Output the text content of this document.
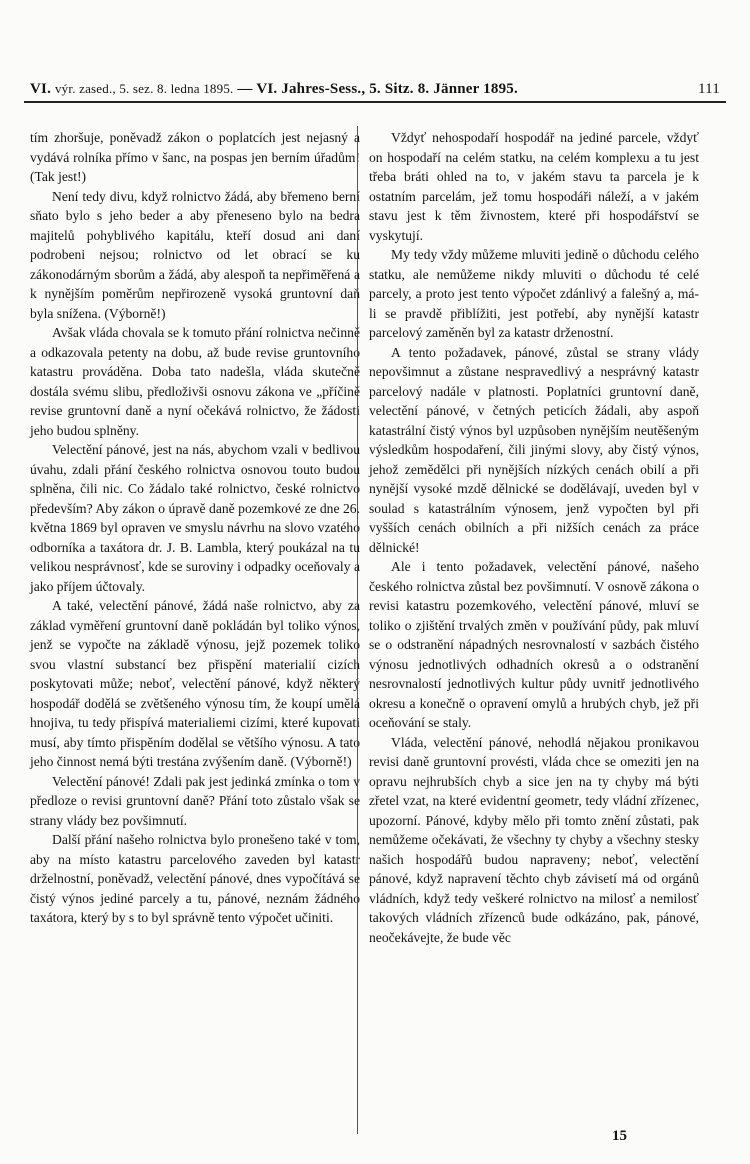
VI. výr. zased., 5. sez. 8. ledna 1895. — VI. Jahres-Sess., 5. Sitz. 8. Jänner 1895.	111

tím zhoršuje, poněvadž zákon o poplatcích jest nejasný a vydává rolníka přímo v šanc, na pospas jen berním úřadům! (Tak jest!)

Není tedy divu, když rolnictvo žádá, aby břemeno berní sňato bylo s jeho beder a aby přeneseno bylo na bedra majitelů pohyblivého kapitálu, kteří dosud ani daní podrobeni nejsou; rolnictvo od let obrací se ku zákonodárným sborům a žádá, aby alespoň ta nepřiměřená a k nynějším poměrům nepřirozeně vysoká gruntovní daň byla snížena. (Výborně!)

Avšak vláda chovala se k tomuto přání rolnictva nečinně a odkazovala petenty na dobu, až bude revise gruntovního katastru prováděna. Doba tato nadešla, vláda skutečně dostála svému slibu, předloživši osnovu zákona ve „příčině revise gruntovní daně a nyní očekává rolnictvo, že žádosti jeho budou splněny.

Velectění pánové, jest na nás, abychom vzali v bedlivou úvahu, zdali přání českého rolnictva osnovou touto budou splněna, čili nic. Co žádalo také rolnictvo, české rolnictvo především? Aby zákon o úpravě daně pozemkové ze dne 26. května 1869 byl opraven ve smyslu návrhu na slovo vzatého odborníka a taxátora dr. J. B. Lambla, který poukázal na tu velikou nesprávnosť, kde se suroviny i odpadky oceňovaly a jako příjem účtovaly.

A také, velectění pánové, žádá naše rolnictvo, aby za základ vyměření gruntovní daně pokládán byl toliko výnos, jenž se vypočte na základě výnosu, jejž pozemek toliko svou vlastní substancí bez přispění materialií cizích poskytovati může; neboť, velectění pánové, když některý hospodář dodělá se zvětšeného výnosu tím, že koupí umělá hnojiva, tu tedy přispívá materialiemi cizími, které kupovati musí, aby tímto přispěním dodělal se většího výnosu. A tato jeho činnost nemá býti trestána zvýšením daně. (Výborně!)

Velectění pánové! Zdali pak jest jedinká zmínka o tom v předloze o revisi gruntovní daně? Přání toto zůstalo však se strany vlády bez povšimnutí.

Další přání našeho rolnictva bylo pronešeno také v tom, aby na místo katastru parcelového zaveden byl katastr drželnostní, poněvadž, velectění pánové, dnes vypočítává se čistý výnos jediné parcely a tu, pánové, neznám žádného taxátora, který by s to byl správně tento výpočet učiniti.

Vždyť nehospodaří hospodář na jediné parcele, vždyť on hospodaří na celém statku, na celém komplexu a tu jest třeba bráti ohled na to, v jakém stavu ta parcela je k ostatním parcelám, jež tomu hospodáři náleží, a v jakém stavu jest k těm živnostem, které při hospodářství se vyskytují.

My tedy vždy můžeme mluviti jedině o důchodu celého statku, ale nemůžeme nikdy mluviti o důchodu té celé parcely, a proto jest tento výpočet zdánlivý a falešný a, má-li se pravdě přiblížiti, jest potřebí, aby nynější katastr parcelový zaměněn byl za katastr drženostní.

A tento požadavek, pánové, zůstal se strany vlády nepovšimnut a zůstane nespravedlivý a nesprávný katastr parcelový nadále v platnosti. Poplatníci gruntovní daně, velectění pánové, v četných peticích žádali, aby aspoň katastrální čistý výnos byl uzpůsoben nynějším neutěšeným výsledkům hospodaření, čili jinými slovy, aby čistý výnos, jehož zemědělci při nynějších nízkých cenách obilí a při nynější vysoké mzdě dělnické se dodělávají, uveden byl v soulad s katastrálním výnosem, jenž vypočten byl při vyšších cenách obilních a při nižších cenách za práce dělnické!

Ale i tento požadavek, velectění pánové, našeho českého rolnictva zůstal bez povšimnutí. V osnově zákona o revisi katastru pozemkového, velectění pánové, mluví se toliko o zjištění trvalých změn v používání půdy, pak mluví se o odstranění nápadných nesrovnalostí v sazbách čistého výnosu jednotlivých odhadních okresů a o odstranění nesrovnalostí jednotlivých kultur půdy uvnitř jednotlivého okresu a konečně o opravení omylů a hrubých chyb, jež při oceňování se staly.

Vláda, velectění pánové, nehodlá nějakou pronikavou revisi daně gruntovní provésti, vláda chce se omeziti jen na opravu nejhrubších chyb a sice jen na ty chyby má býti zřetel vzat, na které evidentní geometr, tedy vládní zřízenec, upozorní. Pánové, kdyby mělo při tomto znění zůstati, pak nemůžeme očekávati, že všechny ty chyby a všechny stesky našich hospodářů budou napraveny; neboť, velectění pánové, když napravení těchto chyb závisetí má od orgánů vládních, když tedy veškeré rolnictvo na milosť a nemilosť takových vládních zřízenců bude odkázáno, pak, pánové, neočekávejte, že bude věc

15
